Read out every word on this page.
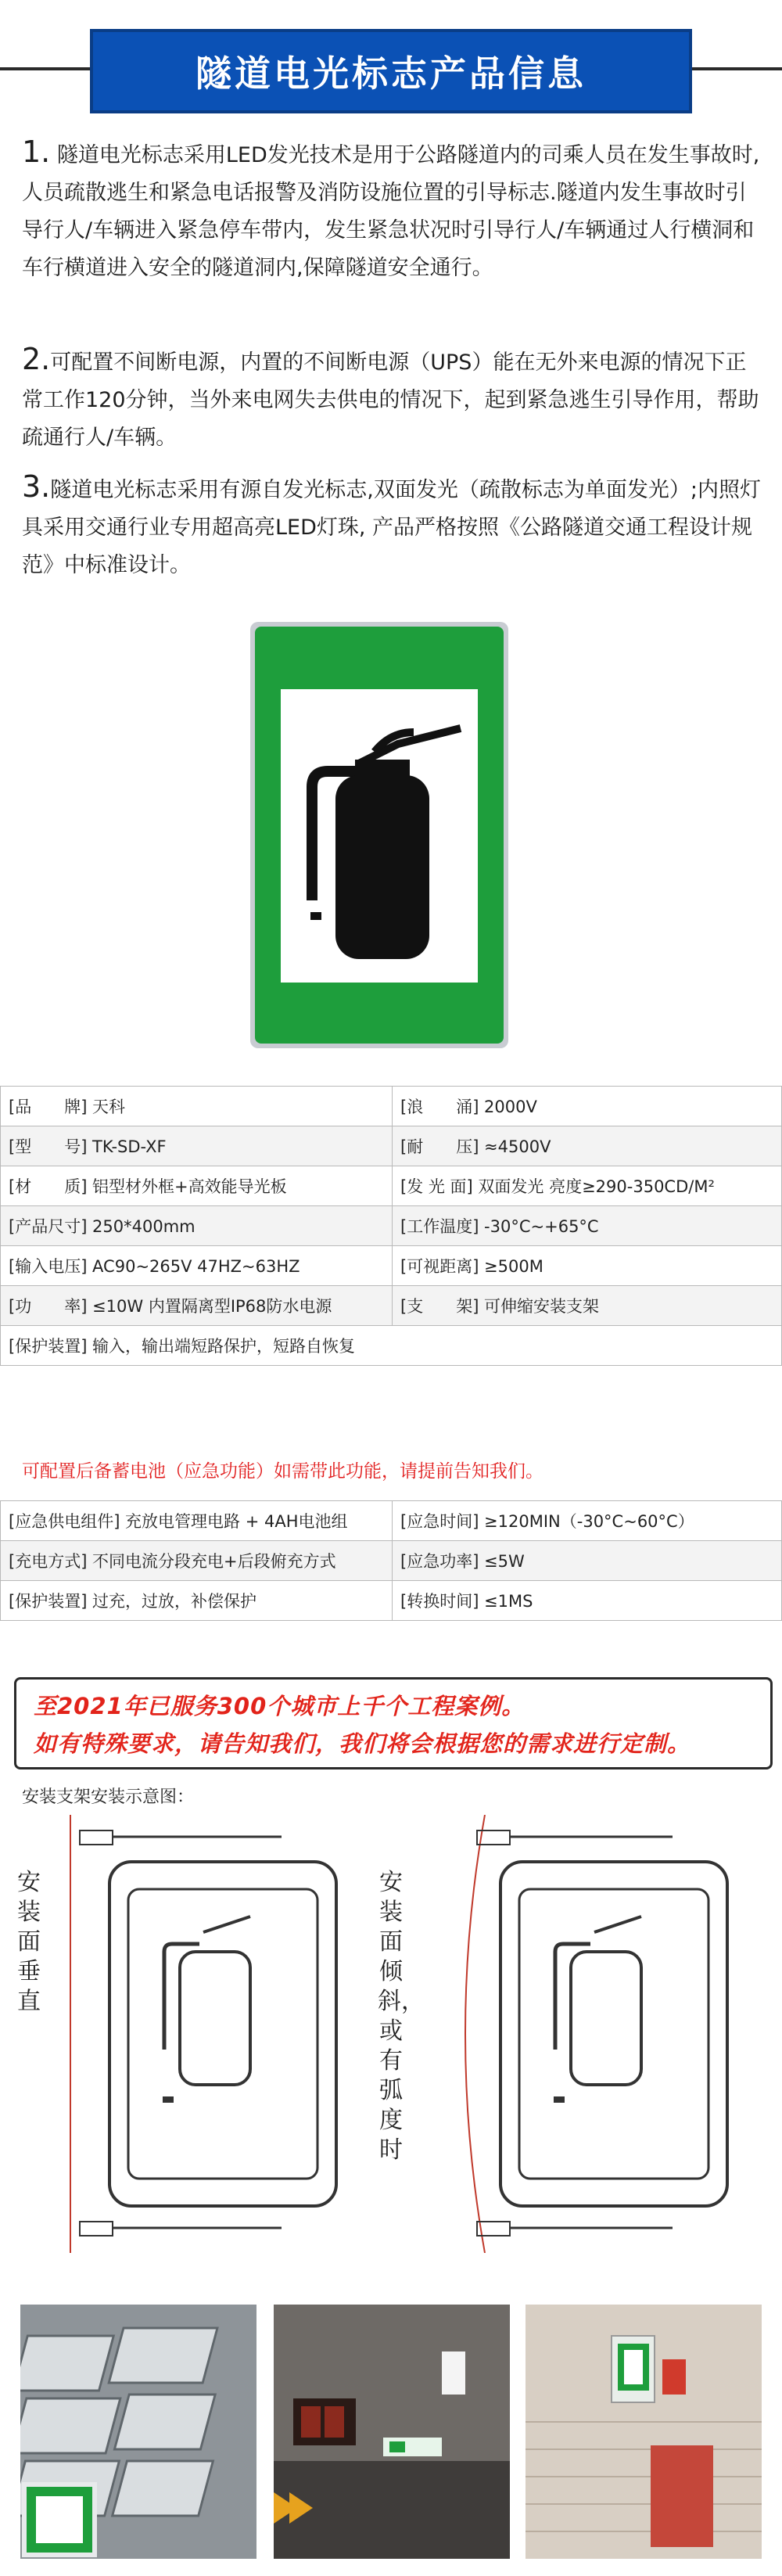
隧道电光标志产品信息
1. 隧道电光标志采用LED发光技术是用于公路隧道内的司乘人员在发生事故时,人员疏散逃生和紧急电话报警及消防设施位置的引导标志.隧道内发生事故时引导行人/车辆进入紧急停车带内，发生紧急状况时引导行人/车辆通过人行横洞和车行横道进入安全的隧道洞内,保障隧道安全通行。
2.可配置不间断电源，内置的不间断电源（UPS）能在无外来电源的情况下正常工作120分钟，当外来电网失去供电的情况下，起到紧急逃生引导作用，帮助疏通行人/车辆。
3.隧道电光标志采用有源自发光标志,双面发光（疏散标志为单面发光）;内照灯具采用交通行业专用超高亮LED灯珠, 产品严格按照《公路隧道交通工程设计规范》中标准设计。
[品　　牌] 天科	[浪　　涌] 2000V
[型　　号] TK-SD-XF	[耐　　压] ≈4500V
[材　　质] 铝型材外框+高效能导光板	[发 光 面] 双面发光 亮度≥290-350CD/M²
[产品尺寸] 250*400mm	[工作温度] -30°C~+65°C
[输入电压] AC90~265V 47HZ~63HZ	[可视距离] ≥500M
[功　　率] ≤10W 内置隔离型IP68防水电源	[支　　架] 可伸缩安装支架
[保护装置] 输入，输出端短路保护，短路自恢复	
可配置后备蓄电池（应急功能）如需带此功能，请提前告知我们。
[应急供电组件] 充放电管理电路 + 4AH电池组	[应急时间] ≥120MIN（-30°C~60°C）
[充电方式] 不同电流分段充电+后段俯充方式	[应急功率] ≤5W
[保护装置] 过充，过放，补偿保护	[转换时间] ≤1MS
至2021年已服务300个城市上千个工程案例。
如有特殊要求，请告知我们，我们将会根据您的需求进行定制。
安装支架安装示意图：
安装面垂直
安装面倾斜，或有弧度时
